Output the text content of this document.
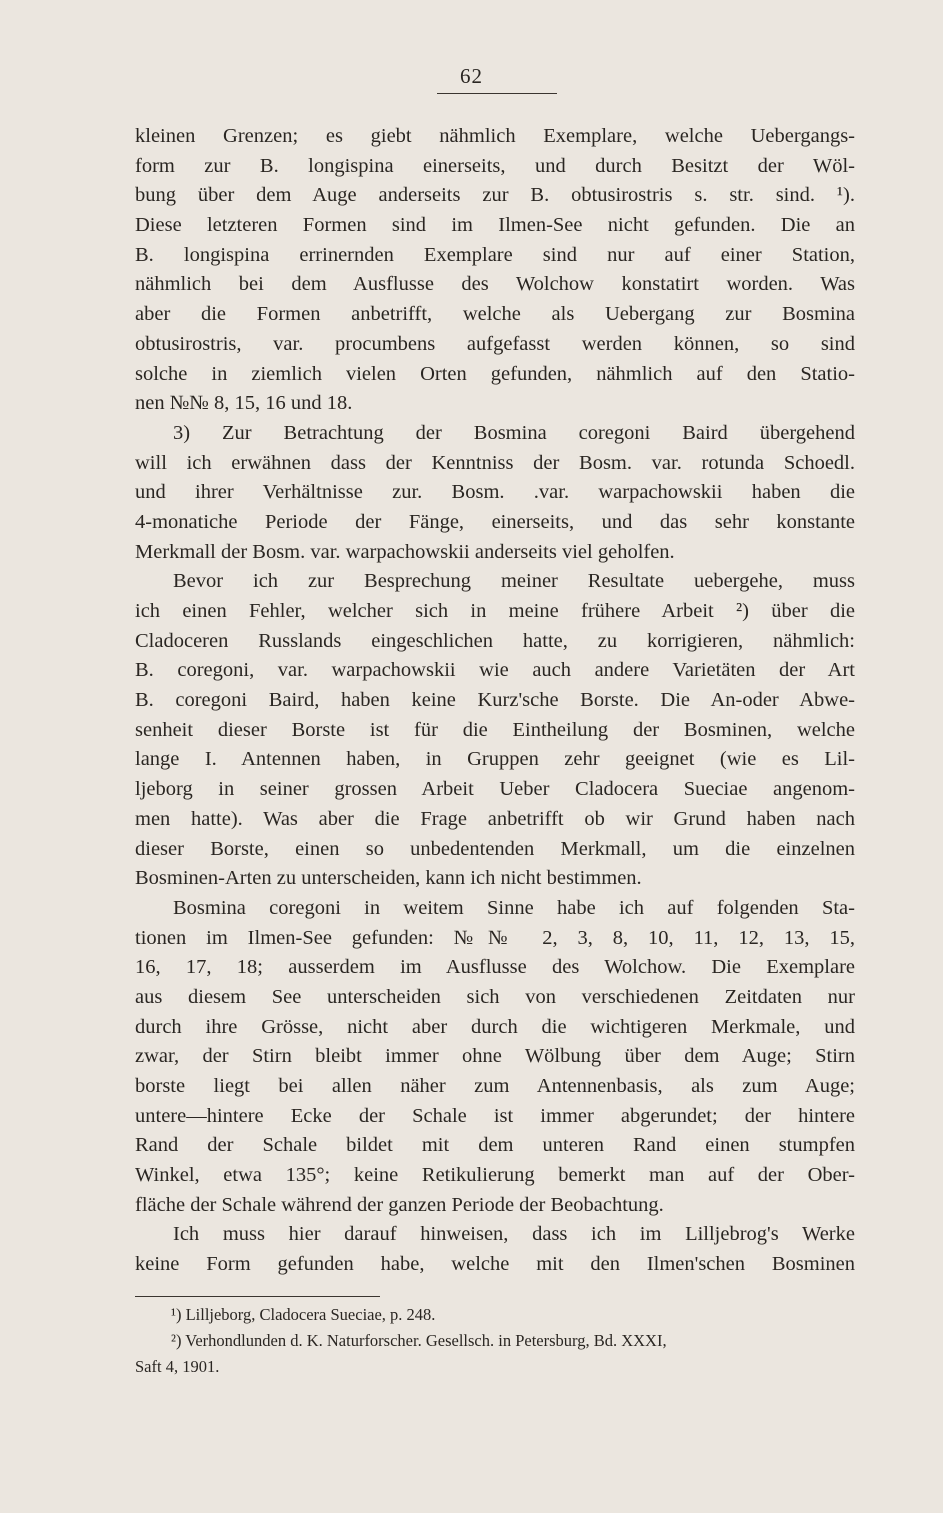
62
kleinen Grenzen; es giebt nähmlich Exemplare, welche Uebergangs-
form zur B. longispina einerseits, und durch Besitzt der Wöl-
bung über dem Auge anderseits zur B. obtusirostris s. str. sind. ¹).
Diese letzteren Formen sind im Ilmen-See nicht gefunden. Die an
B. longispina errinernden Exemplare sind nur auf einer Station,
nähmlich bei dem Ausflusse des Wolchow konstatirt worden. Was
aber die Formen anbetrifft, welche als Uebergang zur Bosmina
obtusirostris, var. procumbens aufgefasst werden können, so sind
solche in ziemlich vielen Orten gefunden, nähmlich auf den Statio-
nen №№ 8, 15, 16 und 18.
3) Zur Betrachtung der Bosmina coregoni Baird übergehend
will ich erwähnen dass der Kenntniss der Bosm. var. rotunda Schoedl.
und ihrer Verhältnisse zur. Bosm. .var. warpachowskii haben die
4-monatiche Periode der Fänge, einerseits, und das sehr konstante
Merkmall der Bosm. var. warpachowskii anderseits viel geholfen.
Bevor ich zur Besprechung meiner Resultate uebergehe, muss
ich einen Fehler, welcher sich in meine frühere Arbeit ²) über die
Cladoceren Russlands eingeschlichen hatte, zu korrigieren, nähmlich:
B. coregoni, var. warpachowskii wie auch andere Varietäten der Art
B. coregoni Baird, haben keine Kurz'sche Borste. Die An-oder Abwe-
senheit dieser Borste ist für die Eintheilung der Bosminen, welche
lange I. Antennen haben, in Gruppen zehr geeignet (wie es Lil-
ljeborg in seiner grossen Arbeit Ueber Cladocera Sueciae angenom-
men hatte). Was aber die Frage anbetrifft ob wir Grund haben nach
dieser Borste, einen so unbedentenden Merkmall, um die einzelnen
Bosminen-Arten zu unterscheiden, kann ich nicht bestimmen.
Bosmina coregoni in weitem Sinne habe ich auf folgenden Sta-
tionen im Ilmen-See gefunden: №№ 2, 3, 8, 10, 11, 12, 13, 15,
16, 17, 18; ausserdem im Ausflusse des Wolchow. Die Exemplare
aus diesem See unterscheiden sich von verschiedenen Zeitdaten nur
durch ihre Grösse, nicht aber durch die wichtigeren Merkmale, und
zwar, der Stirn bleibt immer ohne Wölbung über dem Auge; Stirn
borste liegt bei allen näher zum Antennenbasis, als zum Auge;
untere—hintere Ecke der Schale ist immer abgerundet; der hintere
Rand der Schale bildet mit dem unteren Rand einen stumpfen
Winkel, etwa 135°; keine Retikulierung bemerkt man auf der Ober-
fläche der Schale während der ganzen Periode der Beobachtung.
Ich muss hier darauf hinweisen, dass ich im Lilljebrog's Werke
keine Form gefunden habe, welche mit den Ilmen'schen Bosminen
¹) Lilljeborg, Cladocera Sueciae, p. 248.
²) Verhondlunden d. K. Naturforscher. Gesellsch. in Petersburg, Bd. XXXI,
Saft 4, 1901.
